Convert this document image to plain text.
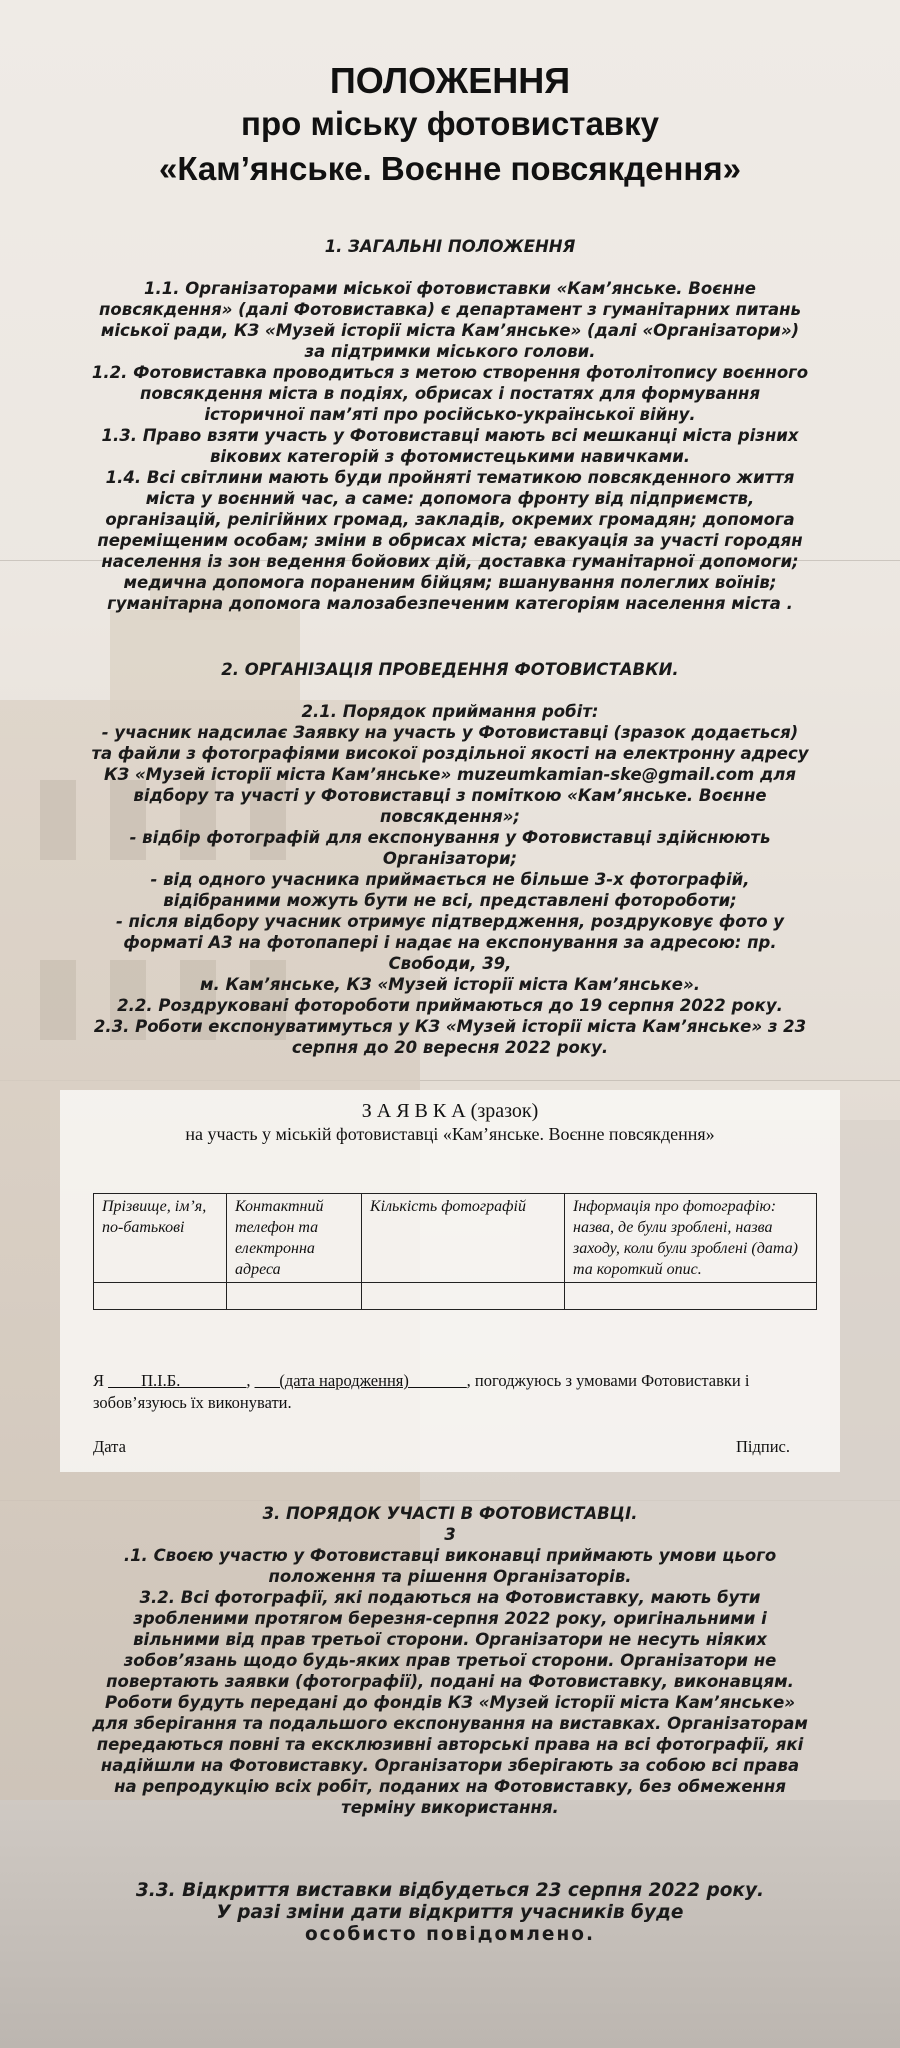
ПОЛОЖЕННЯ
про міську фотовиставку
«Кам’янське. Воєнне повсякдення»

1. ЗАГАЛЬНІ ПОЛОЖЕННЯ

1.1. Організаторами міської фотовиставки «Кам’янське. Воєнне повсякдення» (далі Фотовиставка) є департамент з гуманітарних питань міської ради, КЗ «Музей історії міста Кам’янське» (далі «Організатори») за підтримки міського голови.

1.2. Фотовиставка проводиться з метою створення фотолітопису воєнного повсякдення міста в подіях, обрисах і постатях для формування історичної пам’яті про російсько-української війну.

1.3. Право взяти участь у Фотовиставці мають всі мешканці міста різних вікових категорій з фотомистецькими навичками.

1.4. Всі світлини мають буди пройняті тематикою повсякденного життя міста у воєнний час, а саме: допомога фронту від підприємств, організацій, релігійних громад, закладів, окремих громадян; допомога переміщеним особам; зміни в обрисах міста; евакуація за участі городян населення із зон ведення бойових дій, доставка гуманітарної допомоги; медична допомога пораненим бійцям; вшанування полеглих воїнів; гуманітарна допомога малозабезпеченим категоріям населення міста .

2. ОРГАНІЗАЦІЯ ПРОВЕДЕННЯ ФОТОВИСТАВКИ.

2.1. Порядок приймання робіт:

- учасник надсилає Заявку на участь у Фотовиставці (зразок додається) та файли з фотографіями високої роздільної якості на електронну адресу КЗ «Музей історії міста Кам’янське» muzeumkamian-ske@gmail.com для відбору та участі у Фотовиставці з поміткою «Кам’янське. Воєнне повсякдення»;

- відбір фотографій для експонування у Фотовиставці здійснюють Організатори;

- від одного учасника приймається не більше 3-х фотографій, відібраними можуть бути не всі, представлені фотороботи;

- після відбору учасник отримує підтвердження, роздруковує фото у форматі А3 на фотопапері і надає на експонування за адресою: пр. Свободи, 39,

м. Кам’янське, КЗ «Музей історії міста Кам’янське».

2.2. Роздруковані фотороботи приймаються до 19 серпня 2022 року.

2.3. Роботи експонуватимуться у КЗ «Музей історії міста Кам’янське» з 23 серпня до 20 вересня 2022 року.

З А Я В К А (зразок)
на участь у міській фотовиставці «Кам’янське. Воєнне повсякдення»
Прізвище, ім’я, по-батькові	Контактний телефон та електронна адреса	Кількість фотографій	Інформація про фотографію: назва, де були зроблені, назва заходу, коли були зроблені (дата) та короткий опис.

Я ____П.І.Б.________, ___(дата народження)_______, погоджуюсь з умовами Фотовиставки і зобов’язуюсь їх виконувати.
Дата	Підпис.

3. ПОРЯДОК УЧАСТІ В ФОТОВИСТАВЦІ.

3

.1. Своєю участю у Фотовиставці виконавці приймають умови цього положення та рішення Організаторів.

3.2. Всі фотографії, які подаються на Фотовиставку, мають бути зробленими протягом березня-серпня 2022 року, оригінальними і вільними від прав третьої сторони. Організатори не несуть ніяких зобов’язань щодо будь-яких прав третьої сторони. Організатори не повертають заявки (фотографії), подані на Фотовиставку, виконавцям. Роботи будуть передані до фондів КЗ «Музей історії міста Кам’янське» для зберігання та подальшого експонування на виставках. Організаторам передаються повні та ексклюзивні авторські права на всі фотографії, які надійшли на Фотовиставку. Організатори зберігають за собою всі права на репродукцію всіх робіт, поданих на Фотовиставку, без обмеження терміну використання.

3.3. Відкриття виставки відбудеться 23 серпня 2022 року.

У разі зміни дати відкриття учасників буде

особисто повідомлено.
